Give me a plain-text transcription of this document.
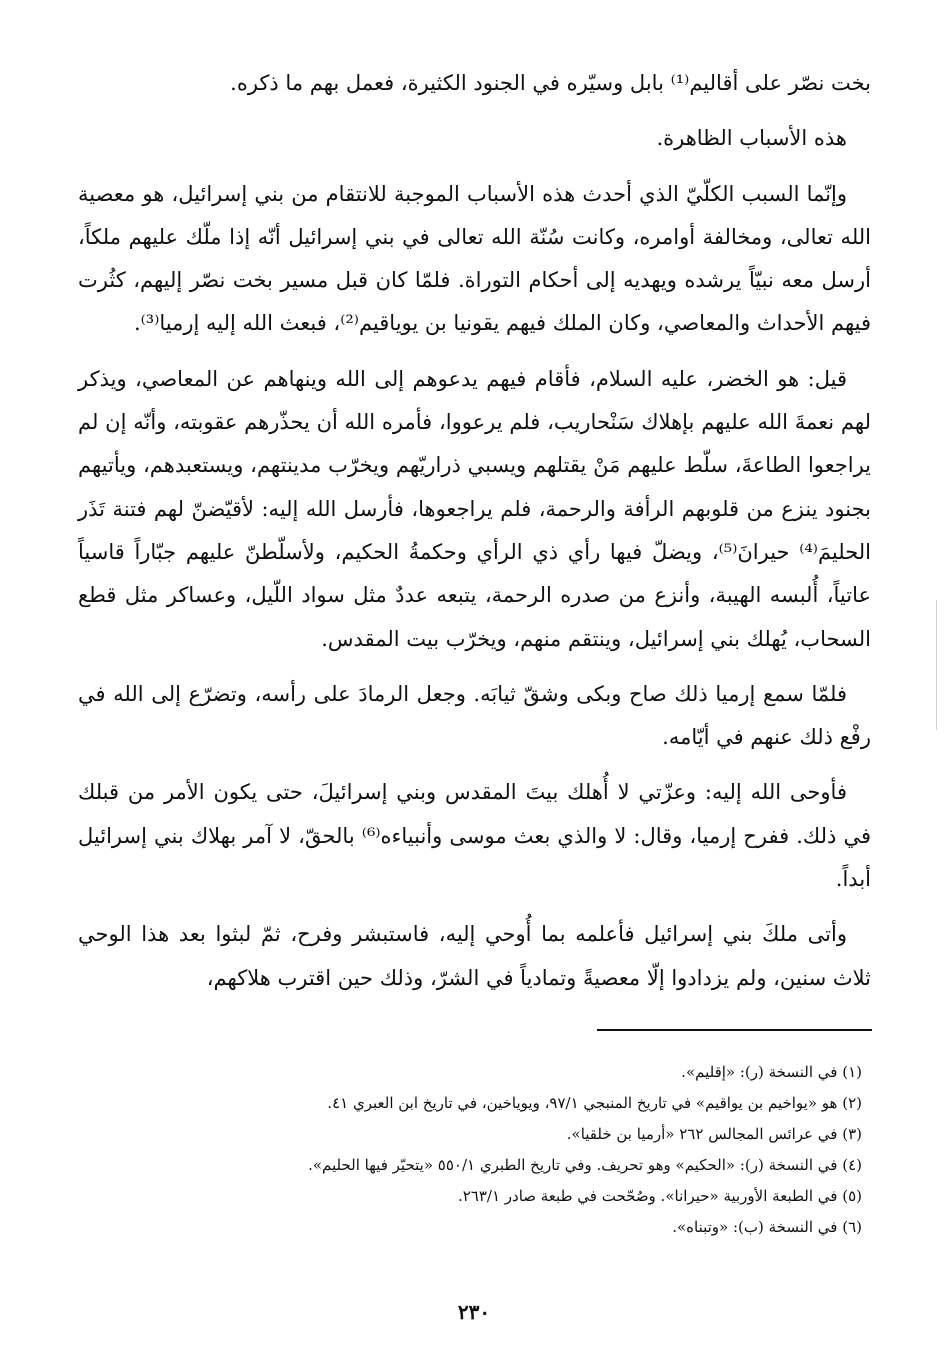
بخت نصّر على أقاليم⁽¹⁾ بابل وسيّره في الجنود الكثيرة، فعمل بهم ما ذكره.

هذه الأسباب الظاهرة.

وإنّما السبب الكلّيّ الذي أحدث هذه الأسباب الموجبة للانتقام من بني إسرائيل، هو معصية الله تعالى، ومخالفة أوامره، وكانت سُنّة الله تعالى في بني إسرائيل أنّه إذا ملّك عليهم ملكاً، أرسل معه نبيّاً يرشده ويهديه إلى أحكام التوراة. فلمّا كان قبل مسير بخت نصّر إليهم، كثُرت فيهم الأحداث والمعاصي، وكان الملك فيهم يقونيا بن يوياقيم⁽²⁾، فبعث الله إليه إرميا⁽³⁾.

قيل: هو الخضر، عليه السلام، فأقام فيهم يدعوهم إلى الله وينهاهم عن المعاصي، ويذكر لهم نعمةَ الله عليهم بإهلاك سَنْحاريب، فلم يرعووا، فأمره الله أن يحذّرهم عقوبته، وأنّه إن لم يراجعوا الطاعةَ، سلّط عليهم مَنْ يقتلهم ويسبي ذراريّهم ويخرّب مدينتهم، ويستعبدهم، ويأتيهم بجنود ينزع من قلوبهم الرأفة والرحمة، فلم يراجعوها، فأرسل الله إليه: لأقيّضنّ لهم فتنة تَذَر الحليمَ⁽⁴⁾ حيرانَ⁽⁵⁾، ويضلّ فيها رأي ذي الرأي وحكمةُ الحكيم، ولأسلّطنّ عليهم جبّاراً قاسياً عاتياً، أُلبسه الهيبة، وأنزع من صدره الرحمة، يتبعه عددٌ مثل سواد اللّيل، وعساكر مثل قطع السحاب، يُهلك بني إسرائيل، وينتقم منهم، ويخرّب بيت المقدس.

فلمّا سمع إرميا ذلك صاح وبكى وشقّ ثيابَه. وجعل الرمادَ على رأسه، وتضرّع إلى الله في رفْع ذلك عنهم في أيّامه.

فأوحى الله إليه: وعزّتي لا أُهلك بيتَ المقدس وبني إسرائيلَ، حتى يكون الأمر من قبلك في ذلك. ففرح إرميا، وقال: لا والذي بعث موسى وأنبياءه⁽⁶⁾ بالحقّ، لا آمر بهلاك بني إسرائيل أبداً.

وأتى ملكَ بني إسرائيل فأعلمه بما أُوحي إليه، فاستبشر وفرح، ثمّ لبثوا بعد هذا الوحي ثلاث سنين، ولم يزدادوا إلّا معصيةً وتمادياً في الشرّ، وذلك حين اقترب هلاكهم،

(١) في النسخة (ر): «إقليم».

(٢) هو «يواخيم بن يواقيم» في تاريخ المنبجي ٩٧/١، ويوياخين، في تاريخ ابن العبري ٤١.

(٣) في عرائس المجالس ٢٦٢ «أرميا بن خلقيا».

(٤) في النسخة (ر): «الحكيم» وهو تحريف. وفي تاريخ الطبري ٥٥٠/١ «يتحيّر فيها الحليم».

(٥) في الطبعة الأوربية «حيرانا». وصُحّحت في طبعة صادر ٢٦٣/١.

(٦) في النسخة (ب): «وتبناه».

٢٣٠
